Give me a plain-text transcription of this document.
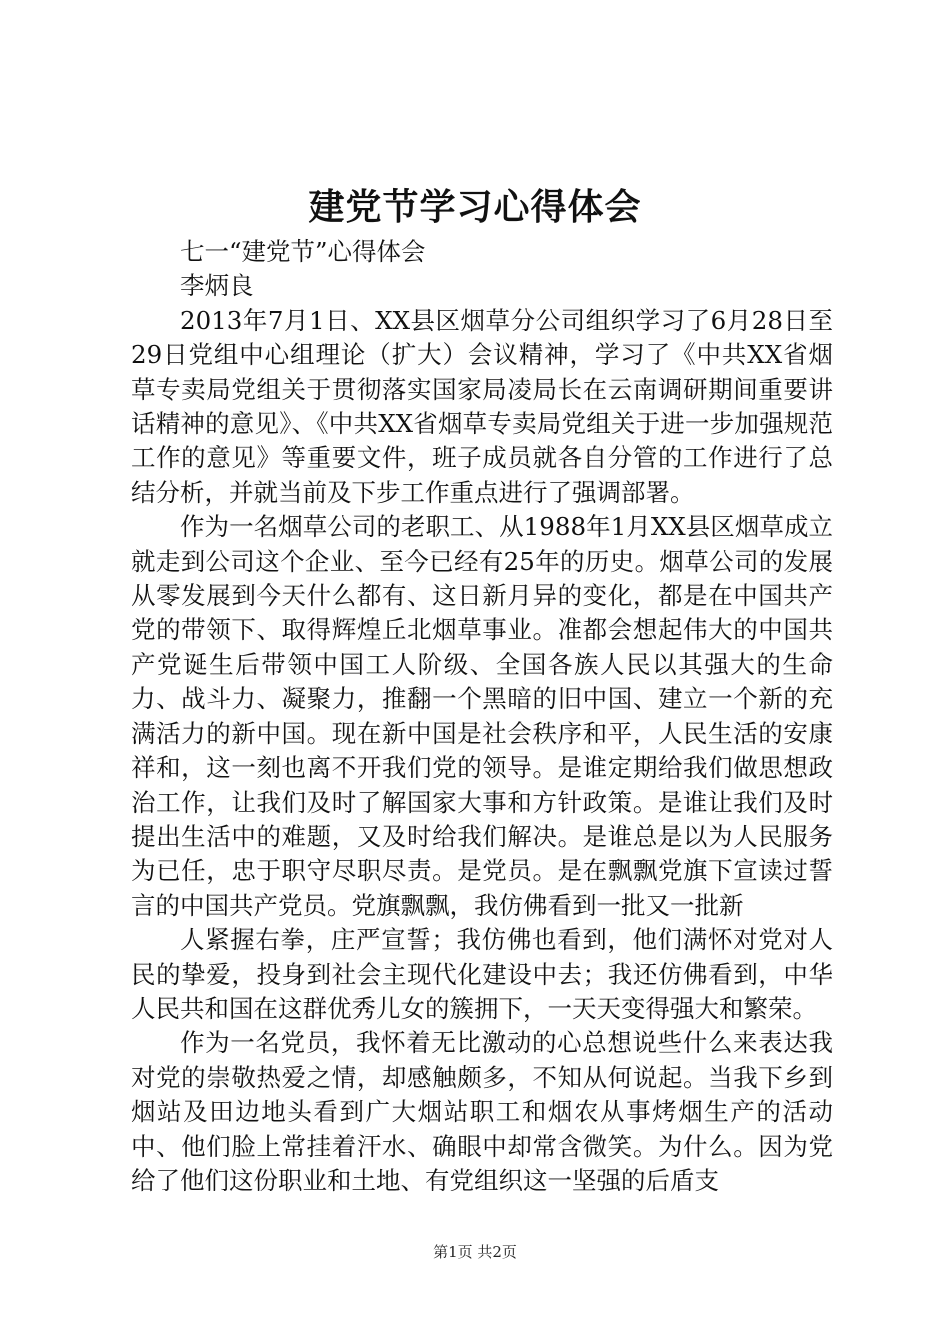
建党节学习心得体会

七一“建党节”心得体会

李炳良

2013年7月1日、XX县区烟草分公司组织学习了6月28日至29日党组中心组理论（扩大）会议精神，学习了《中共XX省烟草专卖局党组关于贯彻落实国家局凌局长在云南调研期间重要讲话精神的意见》、《中共XX省烟草专卖局党组关于进一步加强规范工作的意见》等重要文件，班子成员就各自分管的工作进行了总结分析，并就当前及下步工作重点进行了强调部署。

作为一名烟草公司的老职工、从1988年1月XX县区烟草成立就走到公司这个企业、至今已经有25年的历史。烟草公司的发展从零发展到今天什么都有、这日新月异的变化，都是在中国共产党的带领下、取得辉煌丘北烟草事业。准都会想起伟大的中国共产党诞生后带领中国工人阶级、全国各族人民以其强大的生命力、战斗力、凝聚力，推翻一个黑暗的旧中国、建立一个新的充满活力的新中国。现在新中国是社会秩序和平，人民生活的安康祥和，这一刻也离不开我们党的领导。是谁定期给我们做思想政治工作，让我们及时了解国家大事和方针政策。是谁让我们及时提出生活中的难题，又及时给我们解决。是谁总是以为人民服务为已任，忠于职守尽职尽责。是党员。是在飘飘党旗下宣读过誓言的中国共产党员。党旗飘飘，我仿佛看到一批又一批新

人紧握右拳，庄严宣誓；我仿佛也看到，他们满怀对党对人民的挚爱，投身到社会主现代化建设中去；我还仿佛看到，中华人民共和国在这群优秀儿女的簇拥下，一天天变得强大和繁荣。

作为一名党员，我怀着无比激动的心总想说些什么来表达我对党的崇敬热爱之情，却感触颇多，不知从何说起。当我下乡到烟站及田边地头看到广大烟站职工和烟农从事烤烟生产的活动中、他们脸上常挂着汗水、确眼中却常含微笑。为什么。因为党给了他们这份职业和土地、有党组织这一坚强的后盾支

第1页 共2页
